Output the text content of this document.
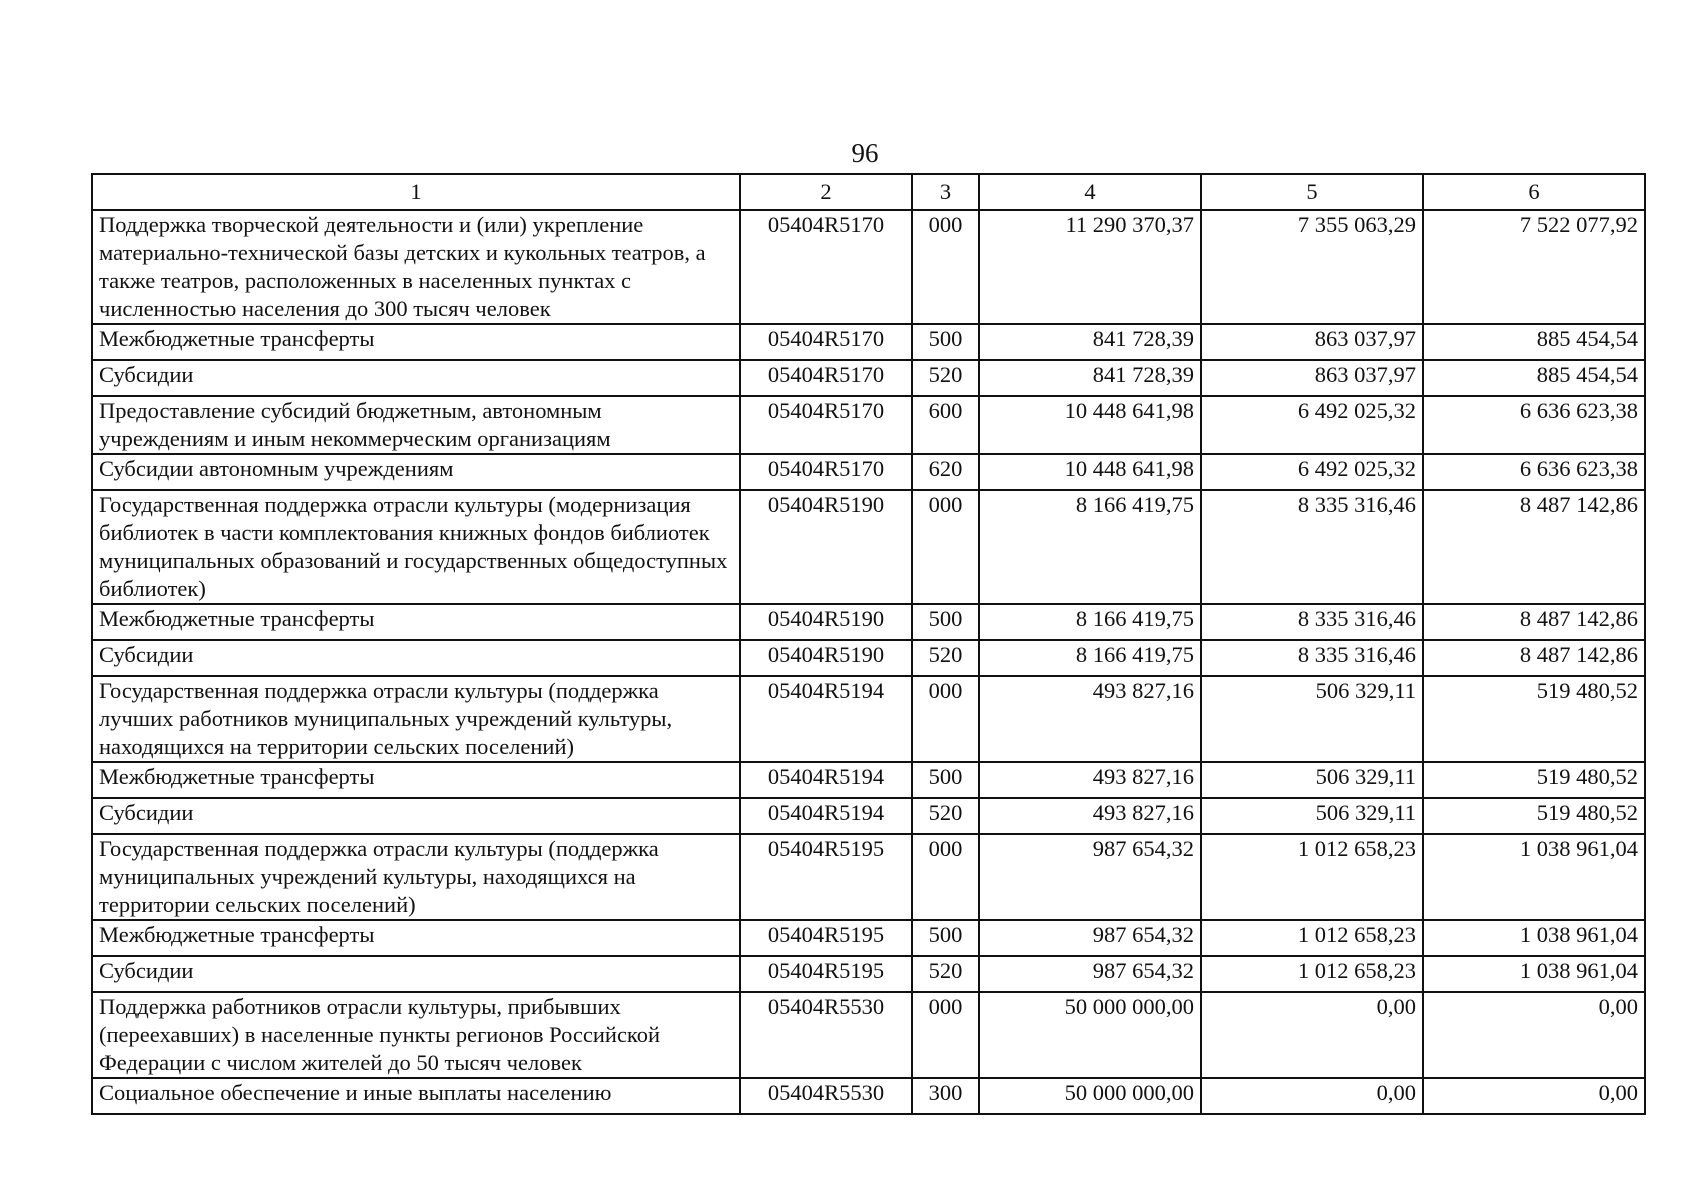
96
1	2	3	4	5	6
Поддержка творческой деятельности и (или) укрепление материально-технической базы детских и кукольных театров, а также театров, расположенных в населенных пунктах с численностью населения до 300 тысяч человек	05404R5170	000	11 290 370,37	7 355 063,29	7 522 077,92
Межбюджетные трансферты	05404R5170	500	841 728,39	863 037,97	885 454,54
Субсидии	05404R5170	520	841 728,39	863 037,97	885 454,54
Предоставление субсидий бюджетным, автономным учреждениям и иным некоммерческим организациям	05404R5170	600	10 448 641,98	6 492 025,32	6 636 623,38
Субсидии автономным учреждениям	05404R5170	620	10 448 641,98	6 492 025,32	6 636 623,38
Государственная поддержка отрасли культуры (модернизация библиотек в части комплектования книжных фондов библиотек муниципальных образований и государственных общедоступных библиотек)	05404R5190	000	8 166 419,75	8 335 316,46	8 487 142,86
Межбюджетные трансферты	05404R5190	500	8 166 419,75	8 335 316,46	8 487 142,86
Субсидии	05404R5190	520	8 166 419,75	8 335 316,46	8 487 142,86
Государственная поддержка отрасли культуры (поддержка лучших работников муниципальных учреждений культуры, находящихся на территории сельских поселений)	05404R5194	000	493 827,16	506 329,11	519 480,52
Межбюджетные трансферты	05404R5194	500	493 827,16	506 329,11	519 480,52
Субсидии	05404R5194	520	493 827,16	506 329,11	519 480,52
Государственная поддержка отрасли культуры (поддержка муниципальных учреждений культуры, находящихся на территории сельских поселений)	05404R5195	000	987 654,32	1 012 658,23	1 038 961,04
Межбюджетные трансферты	05404R5195	500	987 654,32	1 012 658,23	1 038 961,04
Субсидии	05404R5195	520	987 654,32	1 012 658,23	1 038 961,04
Поддержка работников отрасли культуры, прибывших (переехавших) в населенные пункты регионов Российской Федерации с числом жителей до 50 тысяч человек	05404R5530	000	50 000 000,00	0,00	0,00
Социальное обеспечение и иные выплаты населению	05404R5530	300	50 000 000,00	0,00	0,00
